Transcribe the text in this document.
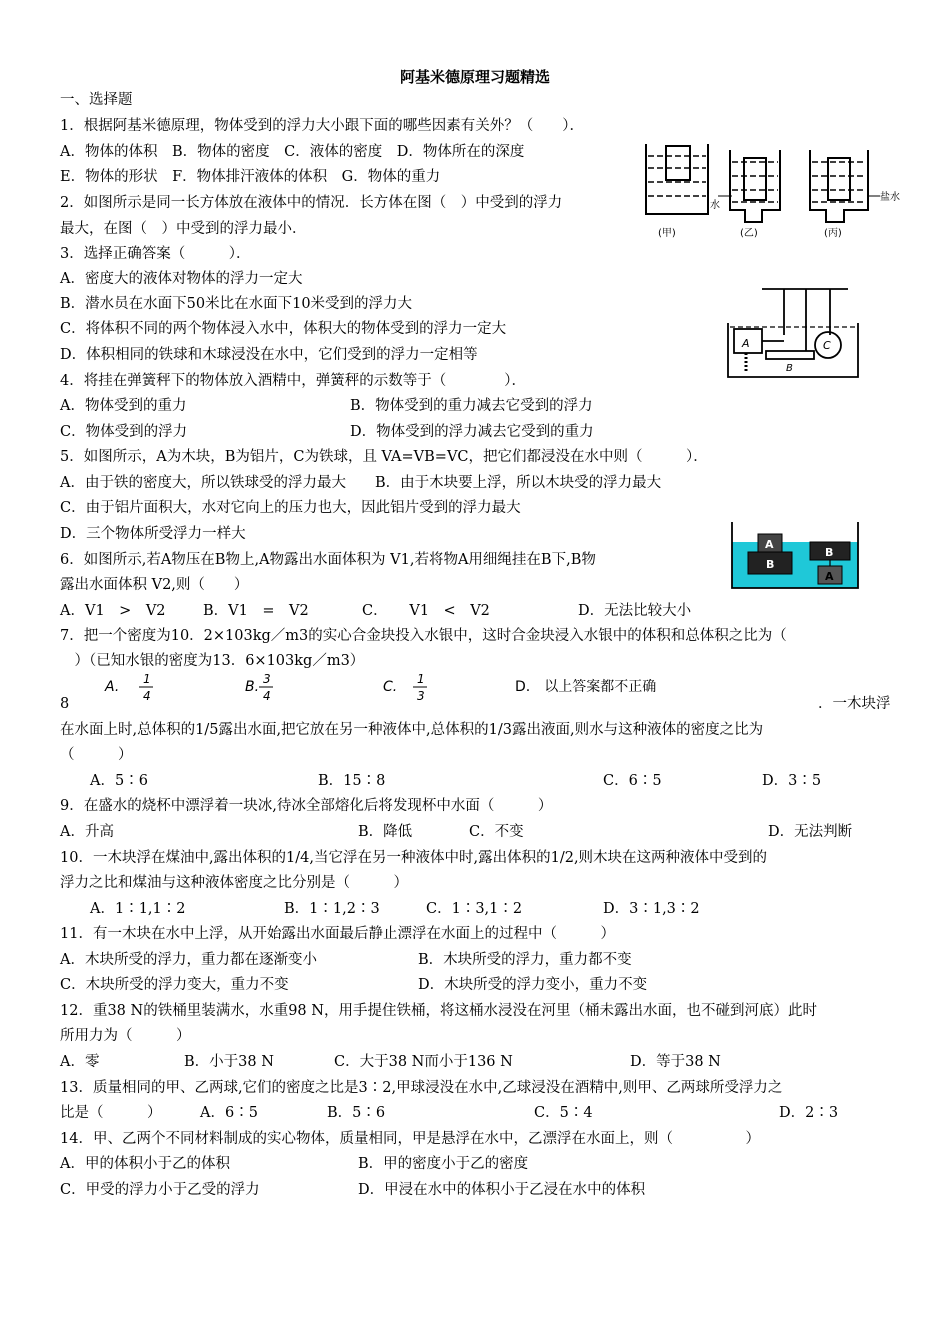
阿基米德原理习题精选
一、选择题
1．根据阿基米德原理，物体受到的浮力大小跟下面的哪些因素有关外？（　　）．
A．物体的体积　B．物体的密度　C．液体的密度　D．物体所在的深度
E．物体的形状　F．物体排汗液体的体积　G．物体的重力
2．如图所示是同一长方体放在液体中的情况．长方体在图（　）中受到的浮力
最大，在图（　）中受到的浮力最小．
水
盐水
(甲)	(乙)	(丙)
3．选择正确答案（　　　）．
A．密度大的液体对物体的浮力一定大
B．潜水员在水面下50米比在水面下10米受到的浮力大
C．将体积不同的两个物体浸入水中，体积大的物体受到的浮力一定大
D．体积相同的铁球和木球浸没在水中，它们受到的浮力一定相等
A
B
C
4．将挂在弹簧秤下的物体放入酒精中，弹簧秤的示数等于（　　　　）．
A．物体受到的重力	B．物体受到的重力减去它受到的浮力
C．物体受到的浮力	D．物体受到的浮力减去它受到的重力
5．如图所示，A为木块，B为铝片，C为铁球，且 VA=VB=VC，把它们都浸没在水中则（　　　）．
A．由于铁的密度大，所以铁球受的浮力最大　　B．由于木块要上浮，所以木块受的浮力最大
C．由于铝片面积大，水对它向上的压力也大，因此铝片受到的浮力最大
D．三个物体所受浮力一样大
A
B
B
A
6．如图所示,若A物压在B物上,A物露出水面体积为 V1,若将物A用细绳挂在B下,B物
露出水面体积 V2,则（　　）
A．V1　>　V2	B．V1　=　V2	C．　　V1　<　V2	D．无法比较大小
7．把一个密度为10．2×103kg／m3的实心合金块投入水银中，这时合金块浸入水银中的体积和总体积之比为（
　）（已知水银的密度为13．6×103kg／m3）
A. 1
4
B. 3
4
C. 1
3
D.　以上答案都不正确
8	．一木块浮
在水面上时,总体积的1/5露出水面,把它放在另一种液体中,总体积的1/3露出液面,则水与这种液体的密度之比为
（　　　）
A．5∶6	B．15∶8	C．6∶5	D．3∶5
9．在盛水的烧杯中漂浮着一块冰,待冰全部熔化后将发现杯中水面（　　　）
A．升高	B．降低	C．不变	D．无法判断
10．一木块浮在煤油中,露出体积的1/4,当它浮在另一种液体中时,露出体积的1/2,则木块在这两种液体中受到的
浮力之比和煤油与这种液体密度之比分别是（　　　）
A．1∶1,1∶2	B．1∶1,2∶3	C．1∶3,1∶2	D．3∶1,3∶2
11．有一木块在水中上浮，从开始露出水面最后静止漂浮在水面上的过程中（　　　）
A．木块所受的浮力，重力都在逐渐变小	B．木块所受的浮力，重力都不变
C．木块所受的浮力变大，重力不变	D．木块所受的浮力变小，重力不变
12．重38 N的铁桶里装满水，水重98 N，用手提住铁桶，将这桶水浸没在河里（桶未露出水面，也不碰到河底）此时
所用力为（　　　）
A．零	B．小于38 N	C．大于38 N而小于136 N	D．等于38 N
13．质量相同的甲、乙两球,它们的密度之比是3∶2,甲球浸没在水中,乙球浸没在酒精中,则甲、乙两球所受浮力之
比是（　　　）	A．6∶5	B．5∶6	C．5∶4	D．2∶3
14．甲、乙两个不同材料制成的实心物体，质量相同，甲是悬浮在水中，乙漂浮在水面上，则（　　　　　）
A．甲的体积小于乙的体积	B．甲的密度小于乙的密度
C．甲受的浮力小于乙受的浮力	D．甲浸在水中的体积小于乙浸在水中的体积
